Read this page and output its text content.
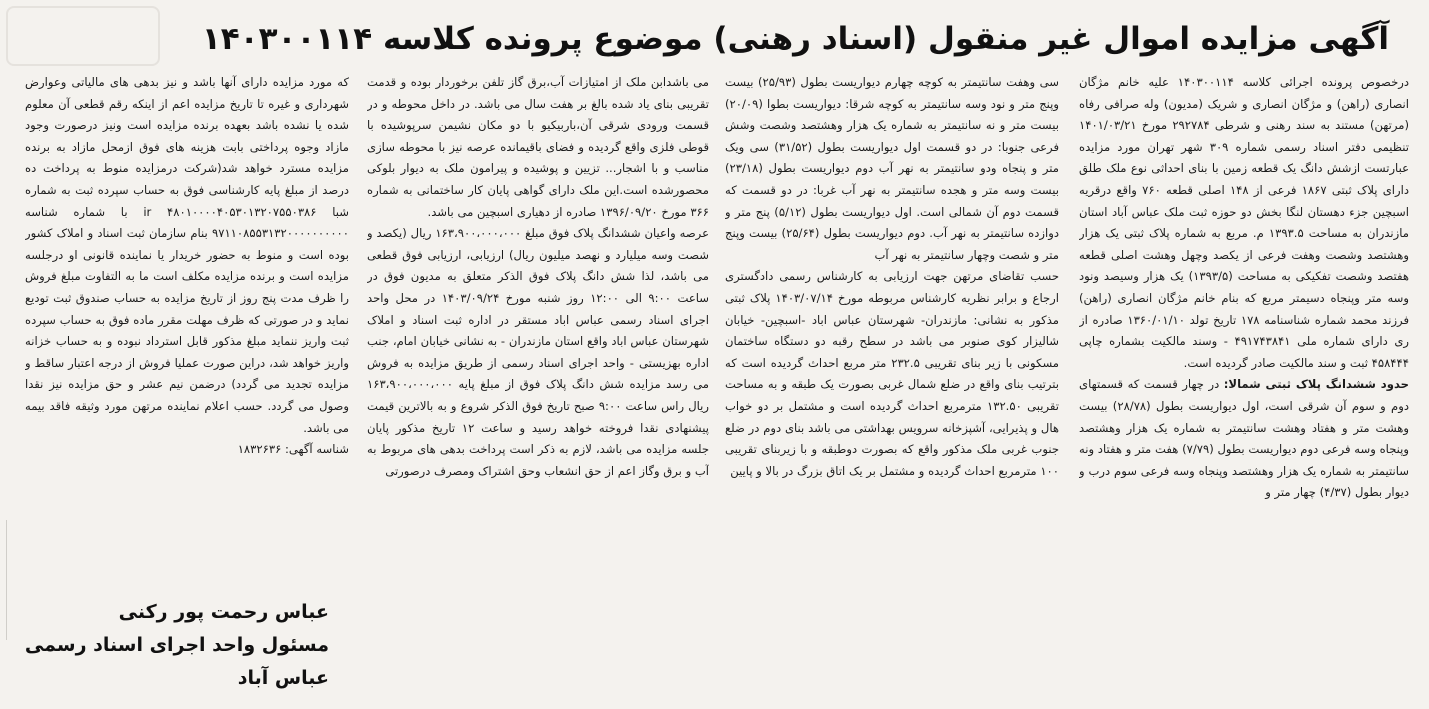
آگهی مزایده اموال غیر منقول (اسناد رهنی) موضوع پرونده کلاسه ۱۴۰۳۰۰۱۱۴

درخصوص پرونده اجرائی کلاسه ۱۴۰۳۰۰۱۱۴ علیه خانم مژگان انصاری (راهن) و مژگان انصاری و شریک (مدیون) وله صرافی رفاه (مرتهن) مستند به سند رهنی و شرطی ۲۹۲۷۸۴ مورخ ۱۴۰۱/۰۳/۲۱ تنظیمی دفتر اسناد رسمی شماره ۳۰۹ شهر تهران مورد مزایده عبارتست ازشش دانگ یک قطعه زمین با بنای احداثی نوع ملک طلق دارای پلاک ثبتی ۱۸۶۷ فرعی از ۱۴۸ اصلی قطعه ۷۶۰ واقع درقریه اسبچین جزء دهستان لنگا بخش دو حوزه ثبت ملک عباس آباد استان مازندران به مساحت ۱۳۹۳.۵ م. مربع به شماره پلاک ثبتی یک هزار وهشتصد وشصت وهفت فرعی از یکصد وچهل وهشت اصلی قطعه هفتصد وشصت تفکیکی به مساحت (۱۳۹۳/۵) یک هزار وسیصد ونود وسه متر وپنجاه دسیمتر مربع که بنام خانم مژگان انصاری (راهن) فرزند محمد شماره شناسنامه ۱۷۸ تاریخ تولد ۱۳۶۰/۰۱/۱۰ صادره از ری دارای شماره ملی ۴۹۱۷۴۳۸۴۱ - وسند مالکیت بشماره چاپی ۴۵۸۴۴۴ ثبت و سند مالکیت صادر گردیده است.

حدود ششدانگ پلاک ثبتی شمالا: در چهار قسمت که قسمتهای دوم و سوم آن شرقی است، اول دیواریست بطول (۲۸/۷۸) بیست وهشت متر و هفتاد وهشت سانتیمتر به شماره یک هزار وهشتصد وپنجاه وسه فرعی دوم دیواریست بطول (۷/۷۹) هفت متر و هفتاد ونه سانتیمتر به شماره یک هزار وهشتصد وپنجاه وسه فرعی سوم درب و دیوار بطول (۴/۳۷) چهار متر و

سی وهفت سانتیمتر به کوچه چهارم دیواریست بطول (۲۵/۹۳) بیست وپنج متر و نود وسه سانتیمتر به کوچه شرقا: دیواریست بطوا (۲۰/۰۹) بیست متر و نه سانتیمتر به شماره یک هزار وهشتصد وشصت وشش فرعی جنوبا: در دو قسمت اول دیواریست بطول (۳۱/۵۲) سی ویک متر و پنجاه ودو سانتیمتر به نهر آب دوم دیواریست بطول (۲۳/۱۸) بیست وسه متر و هجده سانتیمتر به نهر آب غربا: در دو قسمت که قسمت دوم آن شمالی است. اول دیواریست بطول (۵/۱۲) پنج متر و دوازده سانتیمتر به نهر آب. دوم دیواریست بطول (۲۵/۶۴) بیست وپنج متر و شصت وچهار سانتیمتر به نهر آب

حسب تقاضای مرتهن جهت ارزیابی به کارشناس رسمی دادگستری ارجاع و برابر نظریه کارشناس مربوطه مورخ ۱۴۰۳/۰۷/۱۴ پلاک ثبتی مذکور به نشانی: مازندران- شهرستان عباس اباد -اسبچین- خیابان شالیزار کوی صنوبر می باشد در سطح رقبه دو دستگاه ساختمان مسکونی با زیر بنای تقریبی ۲۳۲.۵ متر مربع احداث گردیده است که بترتیب بنای واقع در ضلع شمال غربی بصورت یک طبقه و به مساحت تقریبی ۱۳۲.۵۰ مترمربع احداث گردیده است و مشتمل بر دو خواب هال و پذیرایی، آشپزخانه سرویس بهداشتی می باشد بنای دوم در ضلع جنوب غربی ملک مذکور واقع که بصورت دوطبقه و با زیربنای تقریبی ۱۰۰ مترمربع احداث گردیده و مشتمل بر یک اتاق بزرگ در بالا و پایین

می باشدابن ملک از امتیازات آب،برق گاز تلفن برخوردار بوده و قدمت تقریبی بنای یاد شده بالغ بر هفت سال می باشد. در داخل محوطه و در قسمت ورودی شرقی آن،باربیکیو با دو مکان نشیمن سرپوشیده با قوطی فلزی واقع گردیده و فضای باقیمانده عرصه نیز با محوطه سازی مناسب و با اشجار... تزیین و پوشیده و پیرامون ملک به دیوار بلوکی محصورشده است.این ملک دارای گواهی پایان کار ساختمانی به شماره ۳۶۶ مورخ ۱۳۹۶/۰۹/۲۰ صادره از دهیاری اسبچین می باشد.

عرصه واعیان ششدانگ پلاک فوق مبلغ ۱۶۳،۹۰۰،۰۰۰،۰۰۰ ریال (یکصد و شصت وسه میلیارد و نهصد میلیون ریال) ارزیابی، ارزیابی فوق قطعی می باشد، لذا شش دانگ پلاک فوق الذکر متعلق به مدیون فوق در ساعت ۹:۰۰ الی ۱۲:۰۰ روز شنبه مورخ ۱۴۰۳/۰۹/۲۴ در محل واحد اجرای اسناد رسمی عباس اباد مستقر در اداره ثبت اسناد و املاک شهرستان عباس اباد واقع استان مازندران - به نشانی خیابان امام، جنب اداره بهزیستی - واحد اجرای اسناد رسمی از طریق مزایده به فروش می رسد مزایده شش دانگ پلاک فوق از مبلغ پایه ۱۶۳،۹۰۰،۰۰۰،۰۰۰ ریال راس ساعت ۹:۰۰ صبح تاریخ فوق الذکر شروع و به بالاترین قیمت پیشنهادی نقدا فروخته خواهد رسید و ساعت ۱۲ تاریخ مذکور پایان جلسه مزایده می باشد، لازم به ذکر است پرداخت بدهی های مربوط به آب و برق وگاز اعم از حق انشعاب وحق اشتراک ومصرف درصورتی

که مورد مزایده دارای آنها باشد و نیز بدهی های مالیاتی وعوارض شهرداری و غیره تا تاریخ مزایده اعم از اینکه رقم قطعی آن معلوم شده یا نشده باشد بعهده برنده مزایده است ونیز درصورت وجود مازاد وجوه پرداختی بابت هزینه های فوق ازمحل مازاد به برنده مزایده مسترد خواهد شد(شرکت درمزایده منوط به پرداخت ده درصد از مبلغ پایه کارشناسی فوق به حساب سپرده ثبت به شماره شبا ir ۴۸۰۱۰۰۰۰۴۰۵۳۰۱۳۲۰۷۵۵۰۳۸۶ با شماره شناسه ۹۷۱۱۰۸۵۵۳۱۳۲۰۰۰۰۰۰۰۰۰۰ بنام سازمان ثبت اسناد و املاک کشور بوده است و منوط به حضور خریدار یا نماینده قانونی او درجلسه مزایده است و برنده مزایده مکلف است ما به التفاوت مبلغ فروش را ظرف مدت پنج روز از تاریخ مزایده به حساب صندوق ثبت تودیع نماید و در صورتی که ظرف مهلت مقرر ماده فوق به حساب سپرده ثبت واریز ننماید مبلغ مذکور قابل استرداد نبوده و به حساب خزانه واریز خواهد شد، دراین صورت عملیا فروش از درجه اعتبار ساقط و مزایده تجدید می گردد) درضمن نیم عشر و حق مزایده نیز نقدا وصول می گردد. حسب اعلام نماینده مرتهن مورد وثیقه فاقد بیمه می باشد.

شناسه آگهی: ۱۸۳۲۶۳۶

عباس رحمت پور رکنی
مسئول واحد اجرای اسناد رسمی
عباس آباد
